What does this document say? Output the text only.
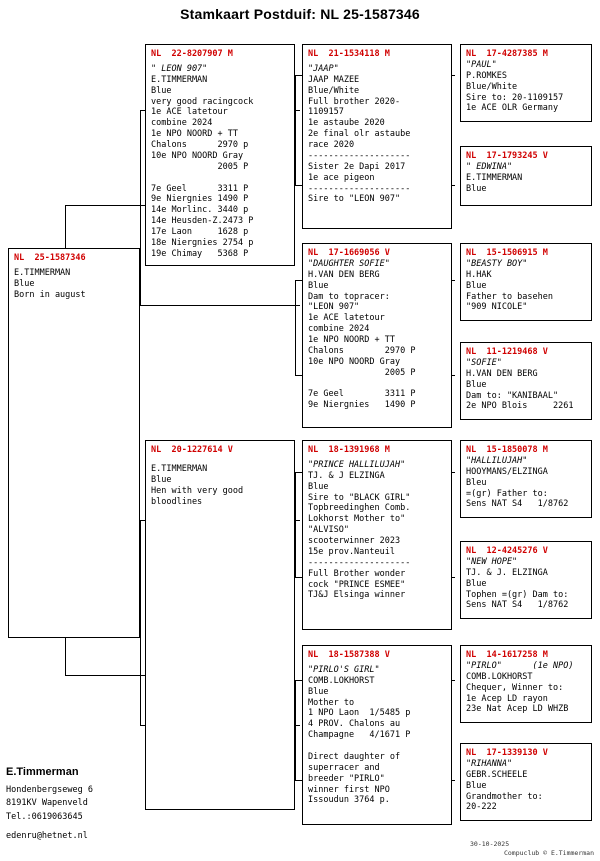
Stamkaart Postduif: NL 25-1587346
NL  25-1587346
E.TIMMERMAN
Blue
Born in august
NL  22-8207907 M
" LEON 907"
E.TIMMERMAN
Blue
very good racingcock
1e ACE latetour
combine 2024
1e NPO NOORD + TT
Chalons      2970 p
10e NPO NOORD Gray
2005 P

7e Geel      3311 P
9e Niergnies 1490 P
14e Morlinc. 3440 p
14e Heusden-Z.2473 P
17e Laon     1628 p
18e Niergnies 2754 p
19e Chimay   5368 P
NL  20-1227614 V
E.TIMMERMAN
Blue
Hen with very good
bloodlines
NL  21-1534118 M
"JAAP"
JAAP MAZEE
Blue/White
Full brother 2020-
1109157
1e astaube 2020
2e final olr astaube
race 2020
--------------------
Sister 2e Dapi 2017
1e ace pigeon
--------------------
Sire to "LEON 907"
NL  17-1669056 V
"DAUGHTER SOFIE"
H.VAN DEN BERG
Blue
Dam to topracer:
"LEON 907"
1e ACE latetour
combine 2024
1e NPO NOORD + TT
Chalons        2970 P
10e NPO NOORD Gray
2005 P

7e Geel        3311 P
9e Niergnies   1490 P
NL  18-1391968 M
"PRINCE HALLILUJAH"
TJ. & J ELZINGA
Blue
Sire to "BLACK GIRL"
Topbreedinghen Comb.
Lokhorst Mother to"
"ALVISO"
scooterwinner 2023
15e prov.Nanteuil
--------------------
Full Brother wonder
cock "PRINCE ESMEE"
TJ&J Elsinga winner
NL  18-1587388 V
"PIRLO'S GIRL"
COMB.LOKHORST
Blue
Mother to
1 NPO Laon  1/5485 p
4 PROV. Chalons au
Champagne   4/1671 P

Direct daughter of
superracer and
breeder "PIRLO"
winner first NPO
Issoudun 3764 p.
NL  17-4287385 M
"PAUL"
P.ROMKES
Blue/White
Sire to: 20-1109157
1e ACE OLR Germany
NL  17-1793245 V
" EDWINA"
E.TIMMERMAN
Blue
NL  15-1506915 M
"BEASTY BOY"
H.HAK
Blue
Father to basehen
"909 NICOLE"
NL  11-1219468 V
"SOFIE"
H.VAN DEN BERG
Blue
Dam to: "KANIBAAL"
2e NPO Blois     2261
NL  15-1850078 M
"HALLILUJAH"
HOOYMANS/ELZINGA
Bleu
=(gr) Father to:
Sens NAT S4   1/8762
NL  12-4245276 V
"NEW HOPE"
TJ. & J. ELZINGA
Blue
Tophen =(gr) Dam to:
Sens NAT S4   1/8762
NL  14-1617258 M
"PIRLO"      (1e NPO)
COMB.LOKHORST
Chequer, Winner to:
1e Acep LD rayon
23e Nat Acep LD WHZB
NL  17-1339130 V
"RIHANNA"
GEBR.SCHEELE
Blue
Grandmother to:
20-222
E.Timmerman
Hondenbergseweg 6
8191KV Wapenveld
Tel.:0619063645
edenru@hetnet.nl
30-10-2025
Compuclub © E.Timmerman
